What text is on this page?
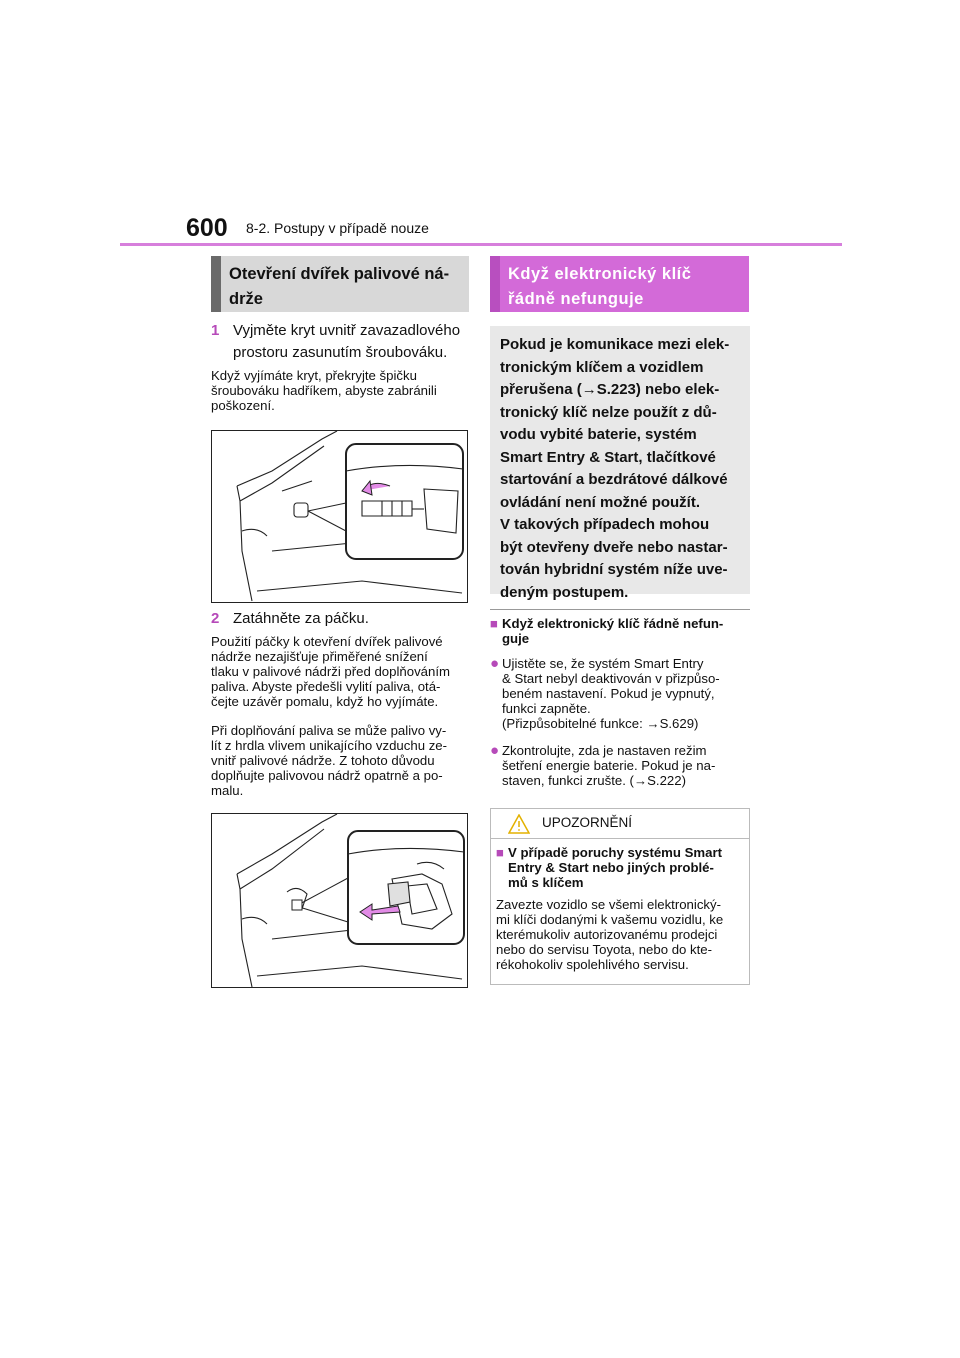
600 8-2. Postupy v případě nouze
Otevření dvířek palivové ná-
drže
1 Vyjměte kryt uvnitř zavazadlového
prostoru zasunutím šroubováku.
Když vyjímáte kryt, překryjte špičku
šroubováku hadříkem, abyste zabránili
poškození.
2 Zatáhněte za páčku.
Použití páčky k otevření dvířek palivové
nádrže nezajišťuje přiměřené snížení
tlaku v palivové nádrži před doplňováním
paliva. Abyste předešli vylití paliva, otá-
čejte uzávěr pomalu, když ho vyjímáte.
Při doplňování paliva se může palivo vy-
lít z hrdla vlivem unikajícího vzduchu ze-
vnitř palivové nádrže. Z tohoto důvodu
doplňujte palivovou nádrž opatrně a po-
malu.
Když elektronický klíč
řádně nefunguje
Pokud je komunikace mezi elek-
tronickým klíčem a vozidlem
přerušena (→S.223) nebo elek-
tronický klíč nelze použít z dů-
vodu vybité baterie, systém
Smart Entry & Start, tlačítkové
startování a bezdrátové dálkové
ovládání není možné použít.
V takových případech mohou
být otevřeny dveře nebo nastar-
tován hybridní systém níže uve-
deným postupem.
■ Když elektronický klíč řádně nefun-
guje
● Ujistěte se, že systém Smart Entry
& Start nebyl deaktivován v přizpůso-
beném nastavení. Pokud je vypnutý,
funkci zapněte.
(Přizpůsobitelné funkce: →S.629)
● Zkontrolujte, zda je nastaven režim
šetření energie baterie. Pokud je na-
staven, funkci zrušte. (→S.222)
UPOZORNĚNÍ
■ V případě poruchy systému Smart
Entry & Start nebo jiných problé-
mů s klíčem
Zavezte vozidlo se všemi elektronický-
mi klíči dodanými k vašemu vozidlu, ke
kterémukoliv autorizovanému prodejci
nebo do servisu Toyota, nebo do kte-
rékohokoliv spolehlivého servisu.
